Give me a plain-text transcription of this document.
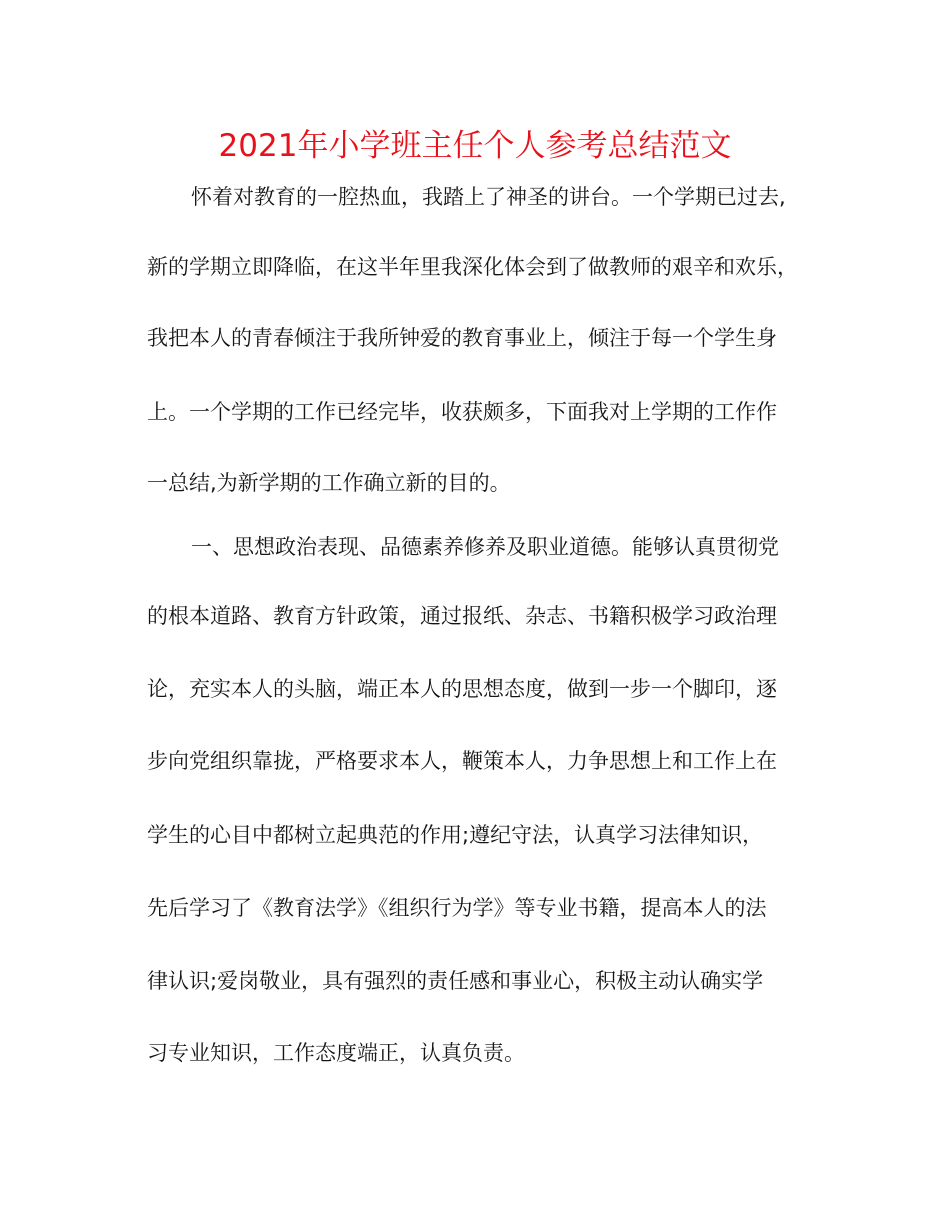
2021年小学班主任个人参考总结范文
怀着对教育的一腔热血，我踏上了神圣的讲台。一个学期已过去,
新的学期立即降临，在这半年里我深化体会到了做教师的艰辛和欢乐，
我把本人的青春倾注于我所钟爱的教育事业上，倾注于每一个学生身
上。一个学期的工作已经完毕，收获颇多，下面我对上学期的工作作
一总结,为新学期的工作确立新的目的。
一、思想政治表现、品德素养修养及职业道德。能够认真贯彻党
的根本道路、教育方针政策，通过报纸、杂志、书籍积极学习政治理
论，充实本人的头脑，端正本人的思想态度，做到一步一个脚印，逐
步向党组织靠拢，严格要求本人，鞭策本人，力争思想上和工作上在
学生的心目中都树立起典范的作用;遵纪守法，认真学习法律知识，
先后学习了《教育法学》《组织行为学》等专业书籍，提高本人的法
律认识;爱岗敬业，具有强烈的责任感和事业心，积极主动认确实学
习专业知识，工作态度端正，认真负责。
